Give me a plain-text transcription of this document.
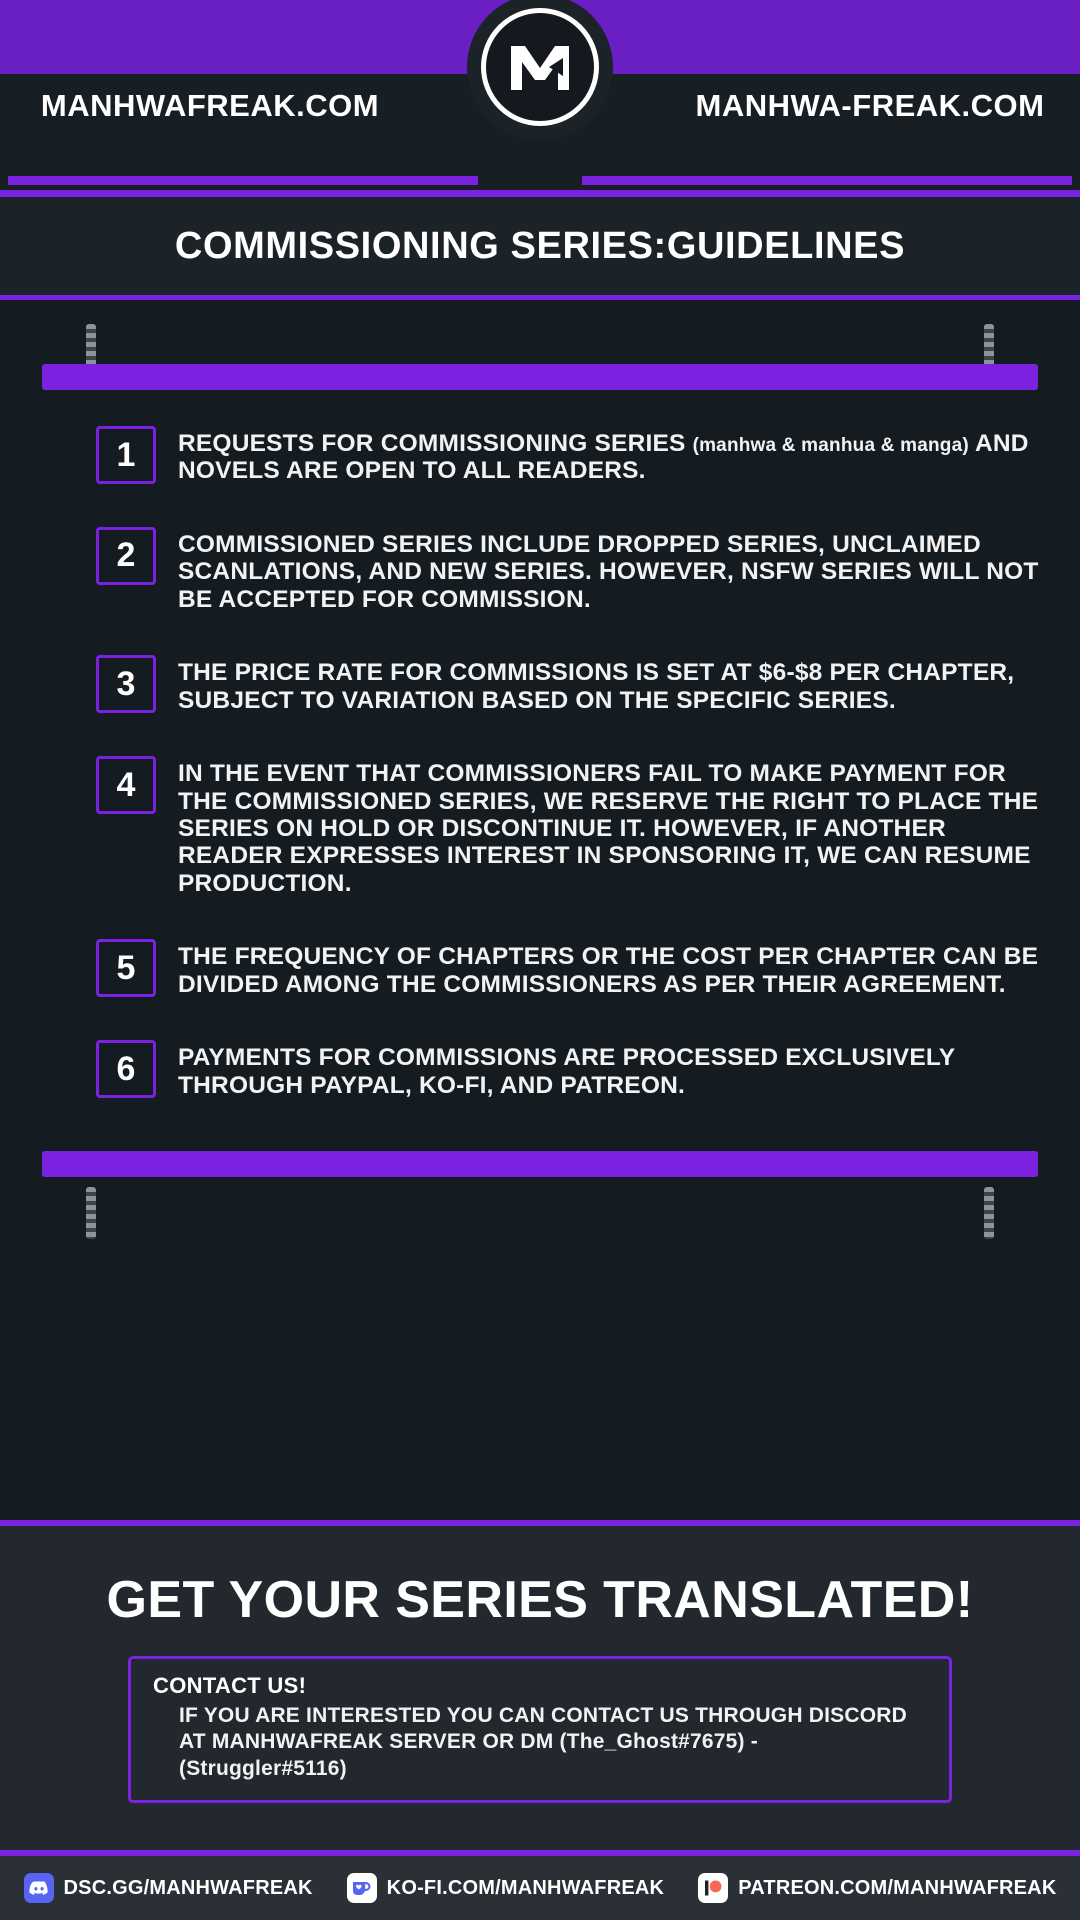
MANHWAFREAK.COM	MANHWA-FREAK.COM
COMMISSIONING SERIES:GUIDELINES
1	REQUESTS FOR COMMISSIONING SERIES (manhwa & manhua & manga) AND NOVELS ARE OPEN TO ALL READERS.
2	COMMISSIONED SERIES INCLUDE DROPPED SERIES, UNCLAIMED SCANLATIONS, AND NEW SERIES. HOWEVER, NSFW SERIES WILL NOT BE ACCEPTED FOR COMMISSION.
3	THE PRICE RATE FOR COMMISSIONS IS SET AT $6-$8 PER CHAPTER, SUBJECT TO VARIATION BASED ON THE SPECIFIC SERIES.
4	IN THE EVENT THAT COMMISSIONERS FAIL TO MAKE PAYMENT FOR THE COMMISSIONED SERIES, WE RESERVE THE RIGHT TO PLACE THE SERIES ON HOLD OR DISCONTINUE IT. HOWEVER, IF ANOTHER READER EXPRESSES INTEREST IN SPONSORING IT, WE CAN RESUME PRODUCTION.
5	THE FREQUENCY OF CHAPTERS OR THE COST PER CHAPTER CAN BE DIVIDED AMONG THE COMMISSIONERS AS PER THEIR AGREEMENT.
6	PAYMENTS FOR COMMISSIONS ARE PROCESSED EXCLUSIVELY THROUGH PAYPAL, KO-FI, AND PATREON.
GET YOUR SERIES TRANSLATED!
CONTACT US!
IF YOU ARE INTERESTED YOU CAN CONTACT US THROUGH DISCORD
AT MANHWAFREAK SERVER OR DM (The_Ghost#7675) - (Struggler#5116)
DSC.GG/MANHWAFREAK	KO-FI.COM/MANHWAFREAK	PATREON.COM/MANHWAFREAK
